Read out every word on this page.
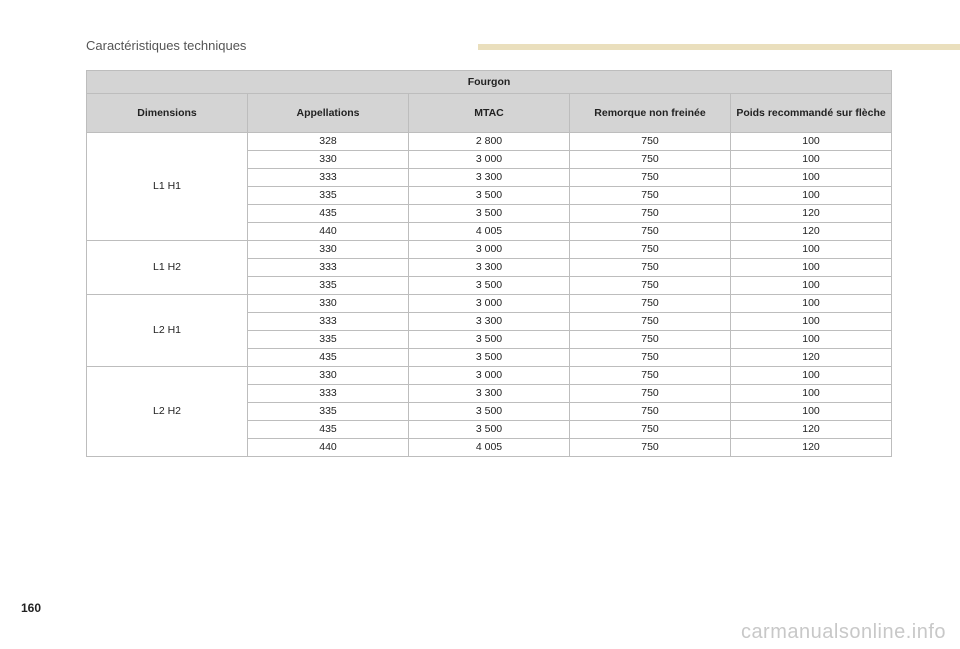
Caractéristiques techniques
Fourgon				
Dimensions	Appellations	MTAC	Remorque non freinée	Poids recommandé sur flèche
L1 H1	328	2 800	750	100
	330	3 000	750	100
	333	3 300	750	100
	335	3 500	750	100
	435	3 500	750	120
	440	4 005	750	120
L1 H2	330	3 000	750	100
	333	3 300	750	100
	335	3 500	750	100
L2 H1	330	3 000	750	100
	333	3 300	750	100
	335	3 500	750	100
	435	3 500	750	120
L2 H2	330	3 000	750	100
	333	3 300	750	100
	335	3 500	750	100
	435	3 500	750	120
	440	4 005	750	120
160
carmanualsonline.info
